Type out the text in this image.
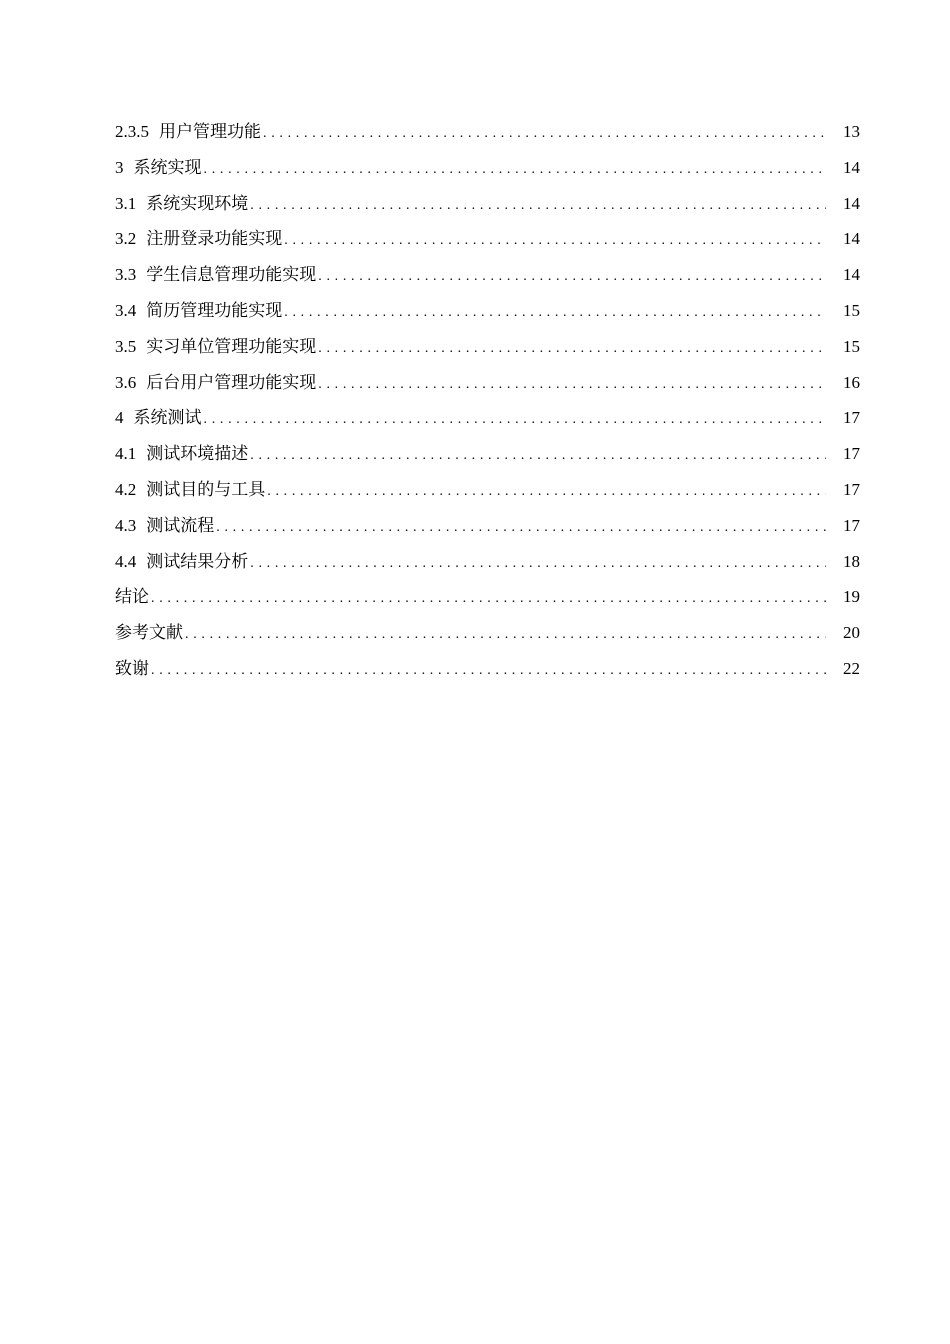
2.3.5 用户管理功能 . . .	13
3 系统实现 . . .	14
3.1 系统实现环境 . . .	14
3.2 注册登录功能实现 . . .	14
3.3 学生信息管理功能实现 . . .	14
3.4 简历管理功能实现 . . .	15
3.5 实习单位管理功能实现 . . .	15
3.6 后台用户管理功能实现 . . .	16
4 系统测试 . . .	17
4.1 测试环境描述 . . .	17
4.2 测试目的与工具 . . .	17
4.3 测试流程 . . .	17
4.4 测试结果分析 . . .	18
结论 . . .	19
参考文献 . . .	20
致谢 . . .	22
